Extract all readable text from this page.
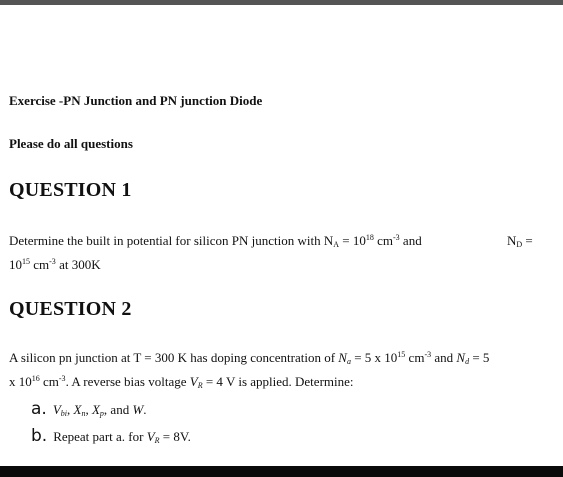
Exercise -PN Junction and PN junction Diode
Please do all questions
QUESTION 1
Determine the built in potential for silicon PN junction with $N_A = 10^{18}$ $cm^{-3}$ and	$N_D$ =
$10^{15}$ $cm^{-3}$ at 300K
QUESTION 2
A silicon pn junction at T = 300 K has doping concentration of $N_a = 5$ x $10^{15}$ $cm^{-3}$ and $N_d = 5$
x $10^{16}$ $cm^{-3}$. A reverse bias voltage $V_R = 4$ V is applied. Determine:
a. $V_{bi}$, $X_n$, $X_p$, and W.
b. Repeat part a. for $V_R = 8V$.
